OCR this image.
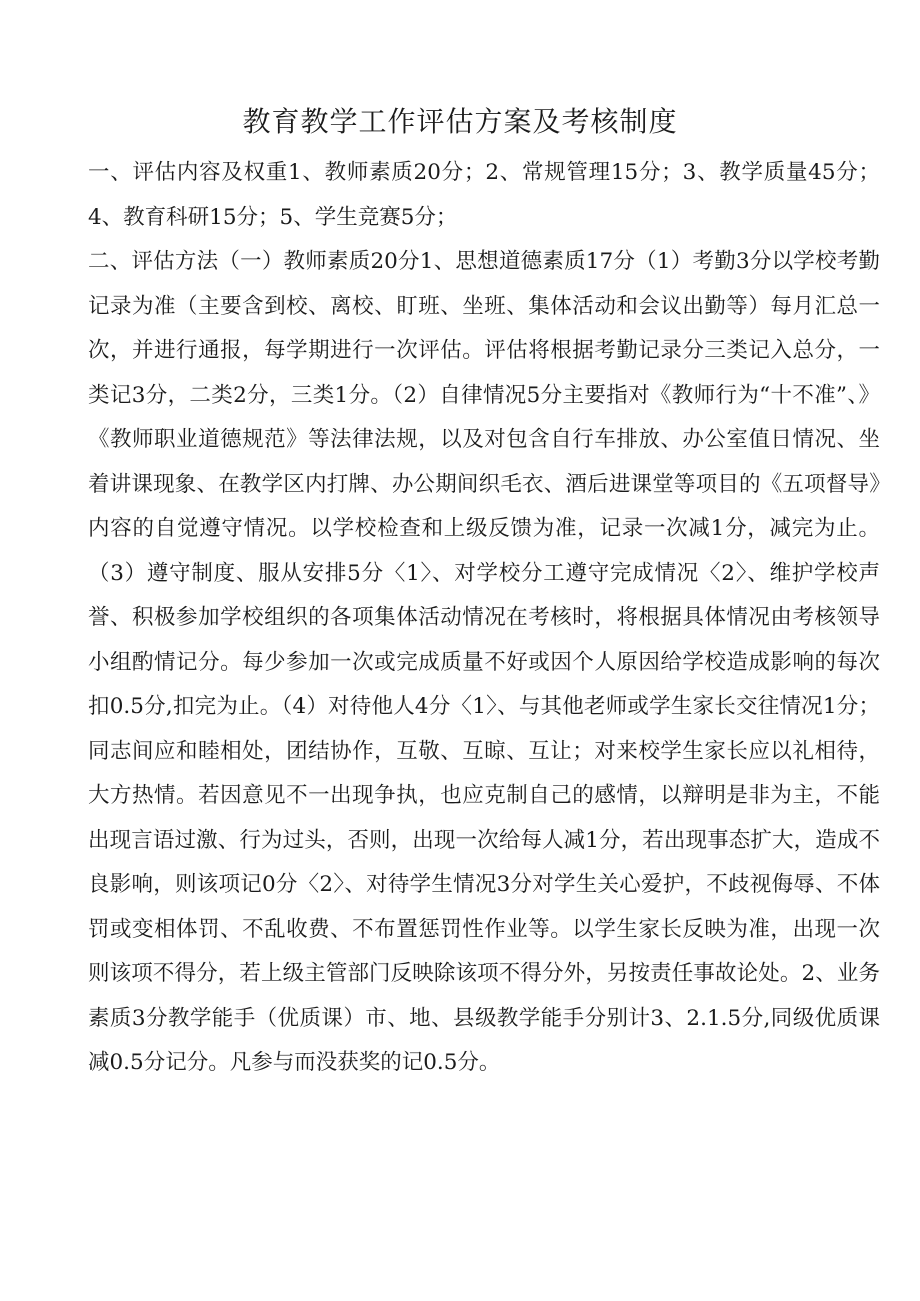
教育教学工作评估方案及考核制度

一、评估内容及权重1、教师素质20分；2、常规管理15分；3、教学质量45分；4、教育科研15分；5、学生竞赛5分；

二、评估方法（一）教师素质20分1、思想道德素质17分（1）考勤3分以学校考勤记录为准（主要含到校、离校、盯班、坐班、集体活动和会议出勤等）每月汇总一次，并进行通报，每学期进行一次评估。评估将根据考勤记录分三类记入总分，一类记3分，二类2分，三类1分。（2）自律情况5分主要指对《教师行为“十不准”、》《教师职业道德规范》等法律法规，以及对包含自行车排放、办公室值日情况、坐着讲课现象、在教学区内打牌、办公期间织毛衣、酒后进课堂等项目的《五项督导》内容的自觉遵守情况。以学校检查和上级反馈为准，记录一次减1分，减完为止。（3）遵守制度、服从安排5分〈1〉、对学校分工遵守完成情况〈2〉、维护学校声誉、积极参加学校组织的各项集体活动情况在考核时，将根据具体情况由考核领导小组酌情记分。每少参加一次或完成质量不好或因个人原因给学校造成影响的每次扣0.5分,扣完为止。（4）对待他人4分〈1〉、与其他老师或学生家长交往情况1分；同志间应和睦相处，团结协作，互敬、互晾、互让；对来校学生家长应以礼相待，大方热情。若因意见不一出现争执，也应克制自己的感情，以辩明是非为主，不能出现言语过激、行为过头，否则，出现一次给每人减1分，若出现事态扩大，造成不良影响，则该项记0分〈2〉、对待学生情况3分对学生关心爱护，不歧视侮辱、不体罚或变相体罚、不乱收费、不布置惩罚性作业等。以学生家长反映为准，出现一次则该项不得分，若上级主管部门反映除该项不得分外，另按责任事故论处。2、业务素质3分教学能手（优质课）市、地、县级教学能手分别计3、2.1.5分,同级优质课减0.5分记分。凡参与而没获奖的记0.5分。
